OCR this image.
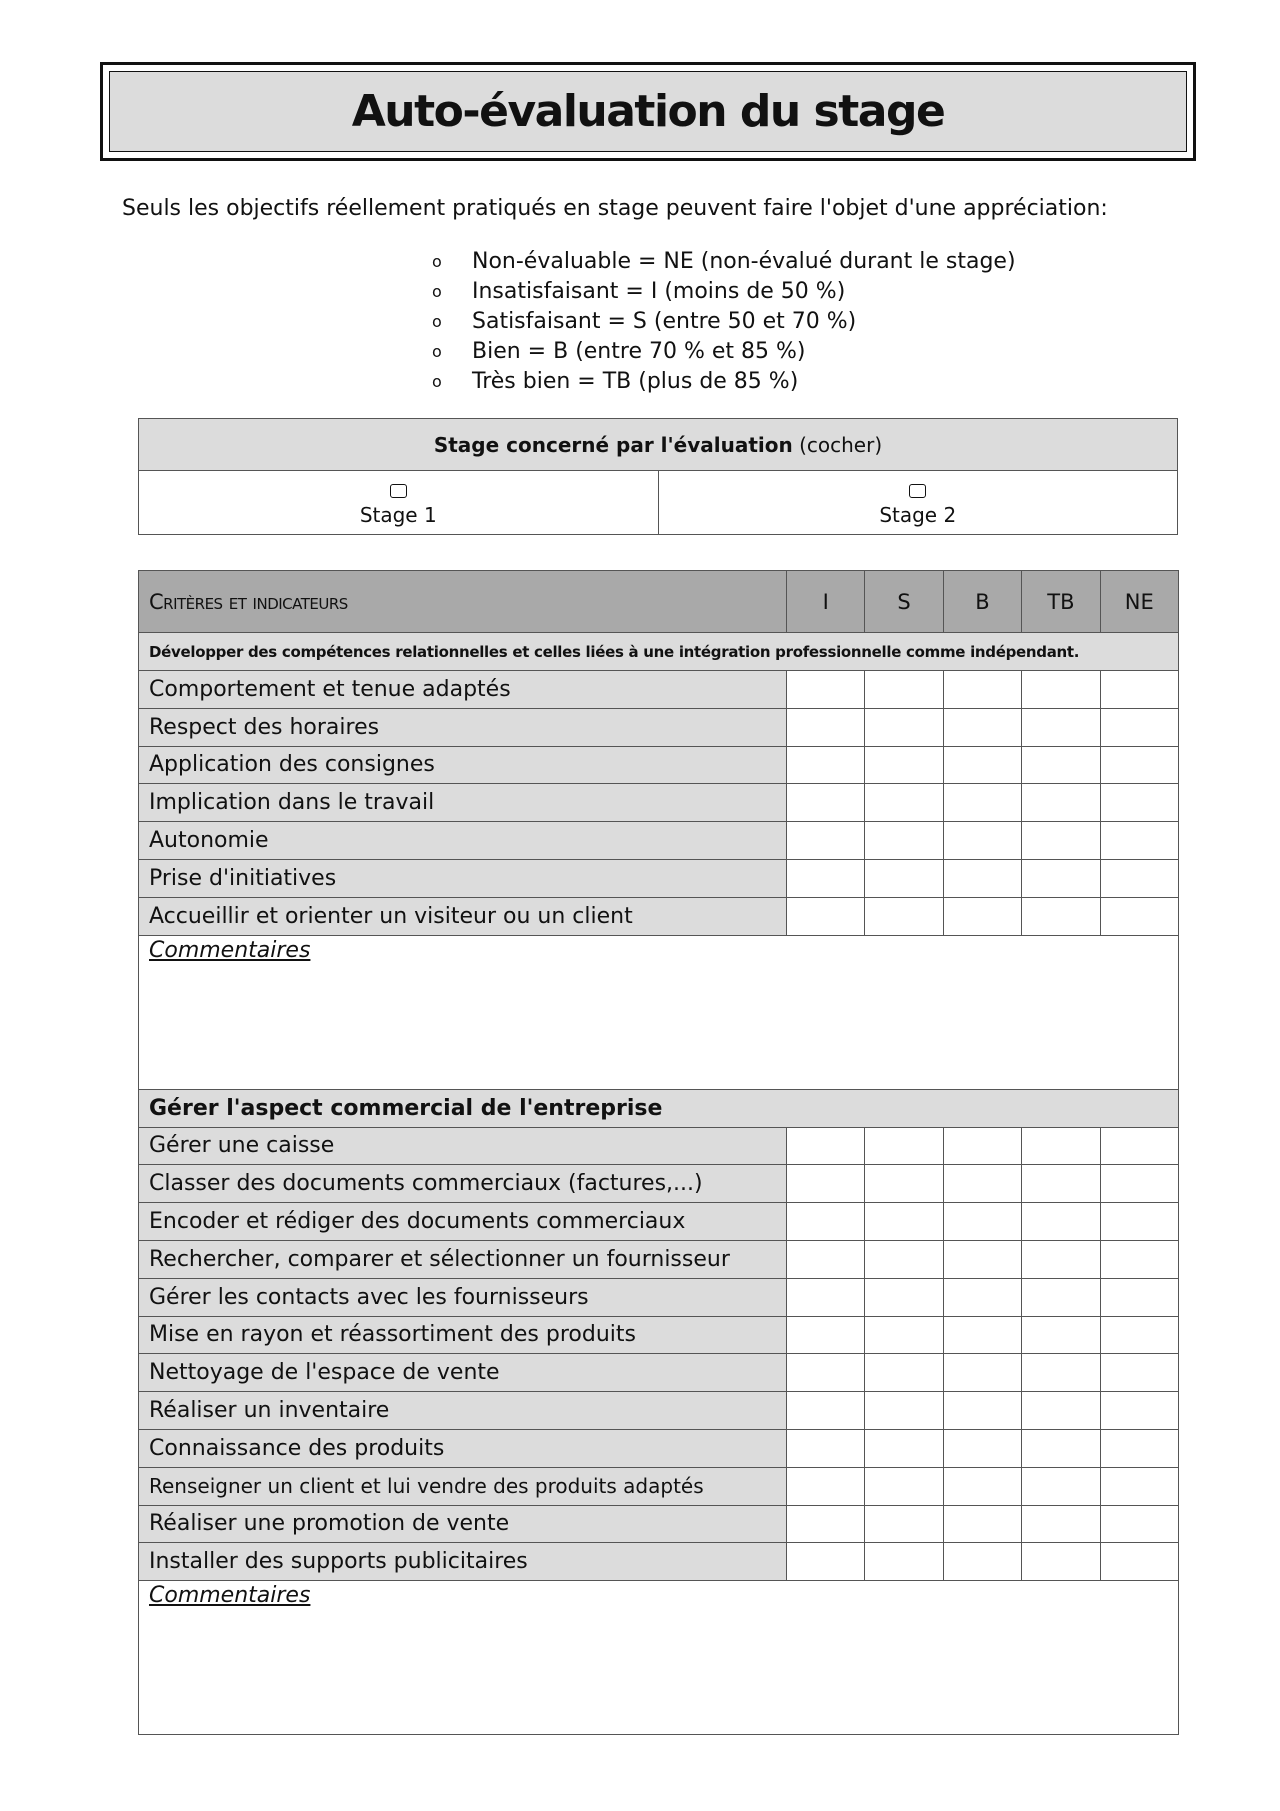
Auto-évaluation du stage

Seuls les objectifs réellement pratiqués en stage peuvent faire l'objet d'une appréciation:

o	Non-évaluable = NE (non-évalué durant le stage)
o	Insatisfaisant = I (moins de 50 %)
o	Satisfaisant = S (entre 50 et 70 %)
o	Bien = B (entre 70 % et 85 %)
o	Très bien = TB (plus de 85 %)
Stage concerné par l'évaluation (cocher)

Stage 1	Stage 2
Critères et indicateurs	I	S	B	TB	NE
Développer des compétences relationnelles et celles liées à une intégration professionnelle comme indépendant.					
Comportement et tenue adaptés					
Respect des horaires					
Application des consignes					
Implication dans le travail					
Autonomie					
Prise d'initiatives					
Accueillir et orienter un visiteur ou un client					
Commentaires					
Gérer l'aspect commercial de l'entreprise					
Gérer une caisse					
Classer des documents commerciaux (factures,...)					
Encoder et rédiger des documents commerciaux					
Rechercher, comparer et sélectionner un fournisseur					
Gérer les contacts avec les fournisseurs					
Mise en rayon et réassortiment des produits					
Nettoyage de l'espace de vente					
Réaliser un inventaire					
Connaissance des produits					
Renseigner un client et lui vendre des produits adaptés					
Réaliser une promotion de vente					
Installer des supports publicitaires					
Commentaires					
